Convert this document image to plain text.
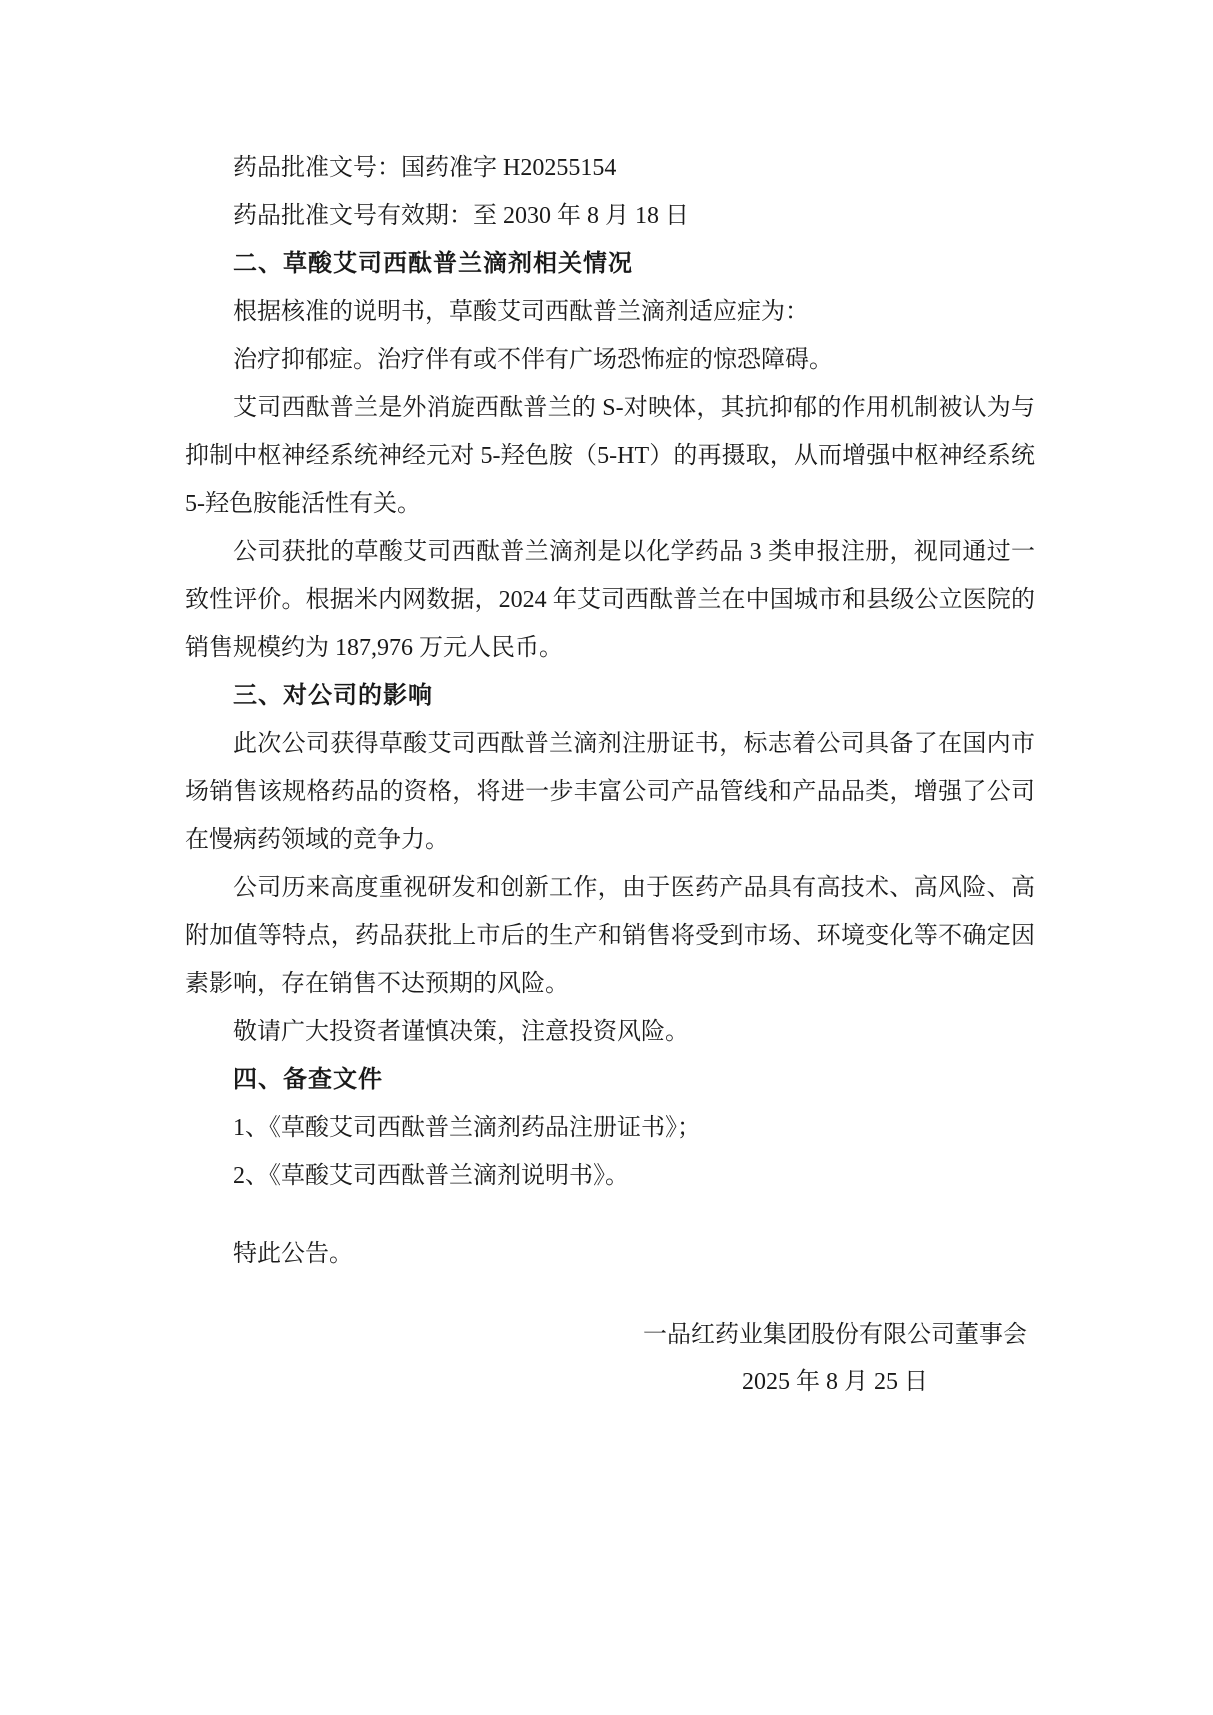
药品批准文号：国药准字 H20255154
药品批准文号有效期：至 2030 年 8 月 18 日
二、草酸艾司西酞普兰滴剂相关情况
根据核准的说明书，草酸艾司西酞普兰滴剂适应症为：
治疗抑郁症。治疗伴有或不伴有广场恐怖症的惊恐障碍。
艾司西酞普兰是外消旋西酞普兰的 S-对映体，其抗抑郁的作用机制被认为与抑制中枢神经系统神经元对 5-羟色胺（5-HT）的再摄取，从而增强中枢神经系统 5-羟色胺能活性有关。
公司获批的草酸艾司西酞普兰滴剂是以化学药品 3 类申报注册，视同通过一致性评价。根据米内网数据，2024 年艾司西酞普兰在中国城市和县级公立医院的销售规模约为 187,976 万元人民币。
三、对公司的影响
此次公司获得草酸艾司西酞普兰滴剂注册证书，标志着公司具备了在国内市场销售该规格药品的资格，将进一步丰富公司产品管线和产品品类，增强了公司在慢病药领域的竞争力。
公司历来高度重视研发和创新工作，由于医药产品具有高技术、高风险、高附加值等特点，药品获批上市后的生产和销售将受到市场、环境变化等不确定因素影响，存在销售不达预期的风险。
敬请广大投资者谨慎决策，注意投资风险。
四、备查文件
1、《草酸艾司西酞普兰滴剂药品注册证书》；
2、《草酸艾司西酞普兰滴剂说明书》。
特此公告。
一品红药业集团股份有限公司董事会
2025 年 8 月 25 日
